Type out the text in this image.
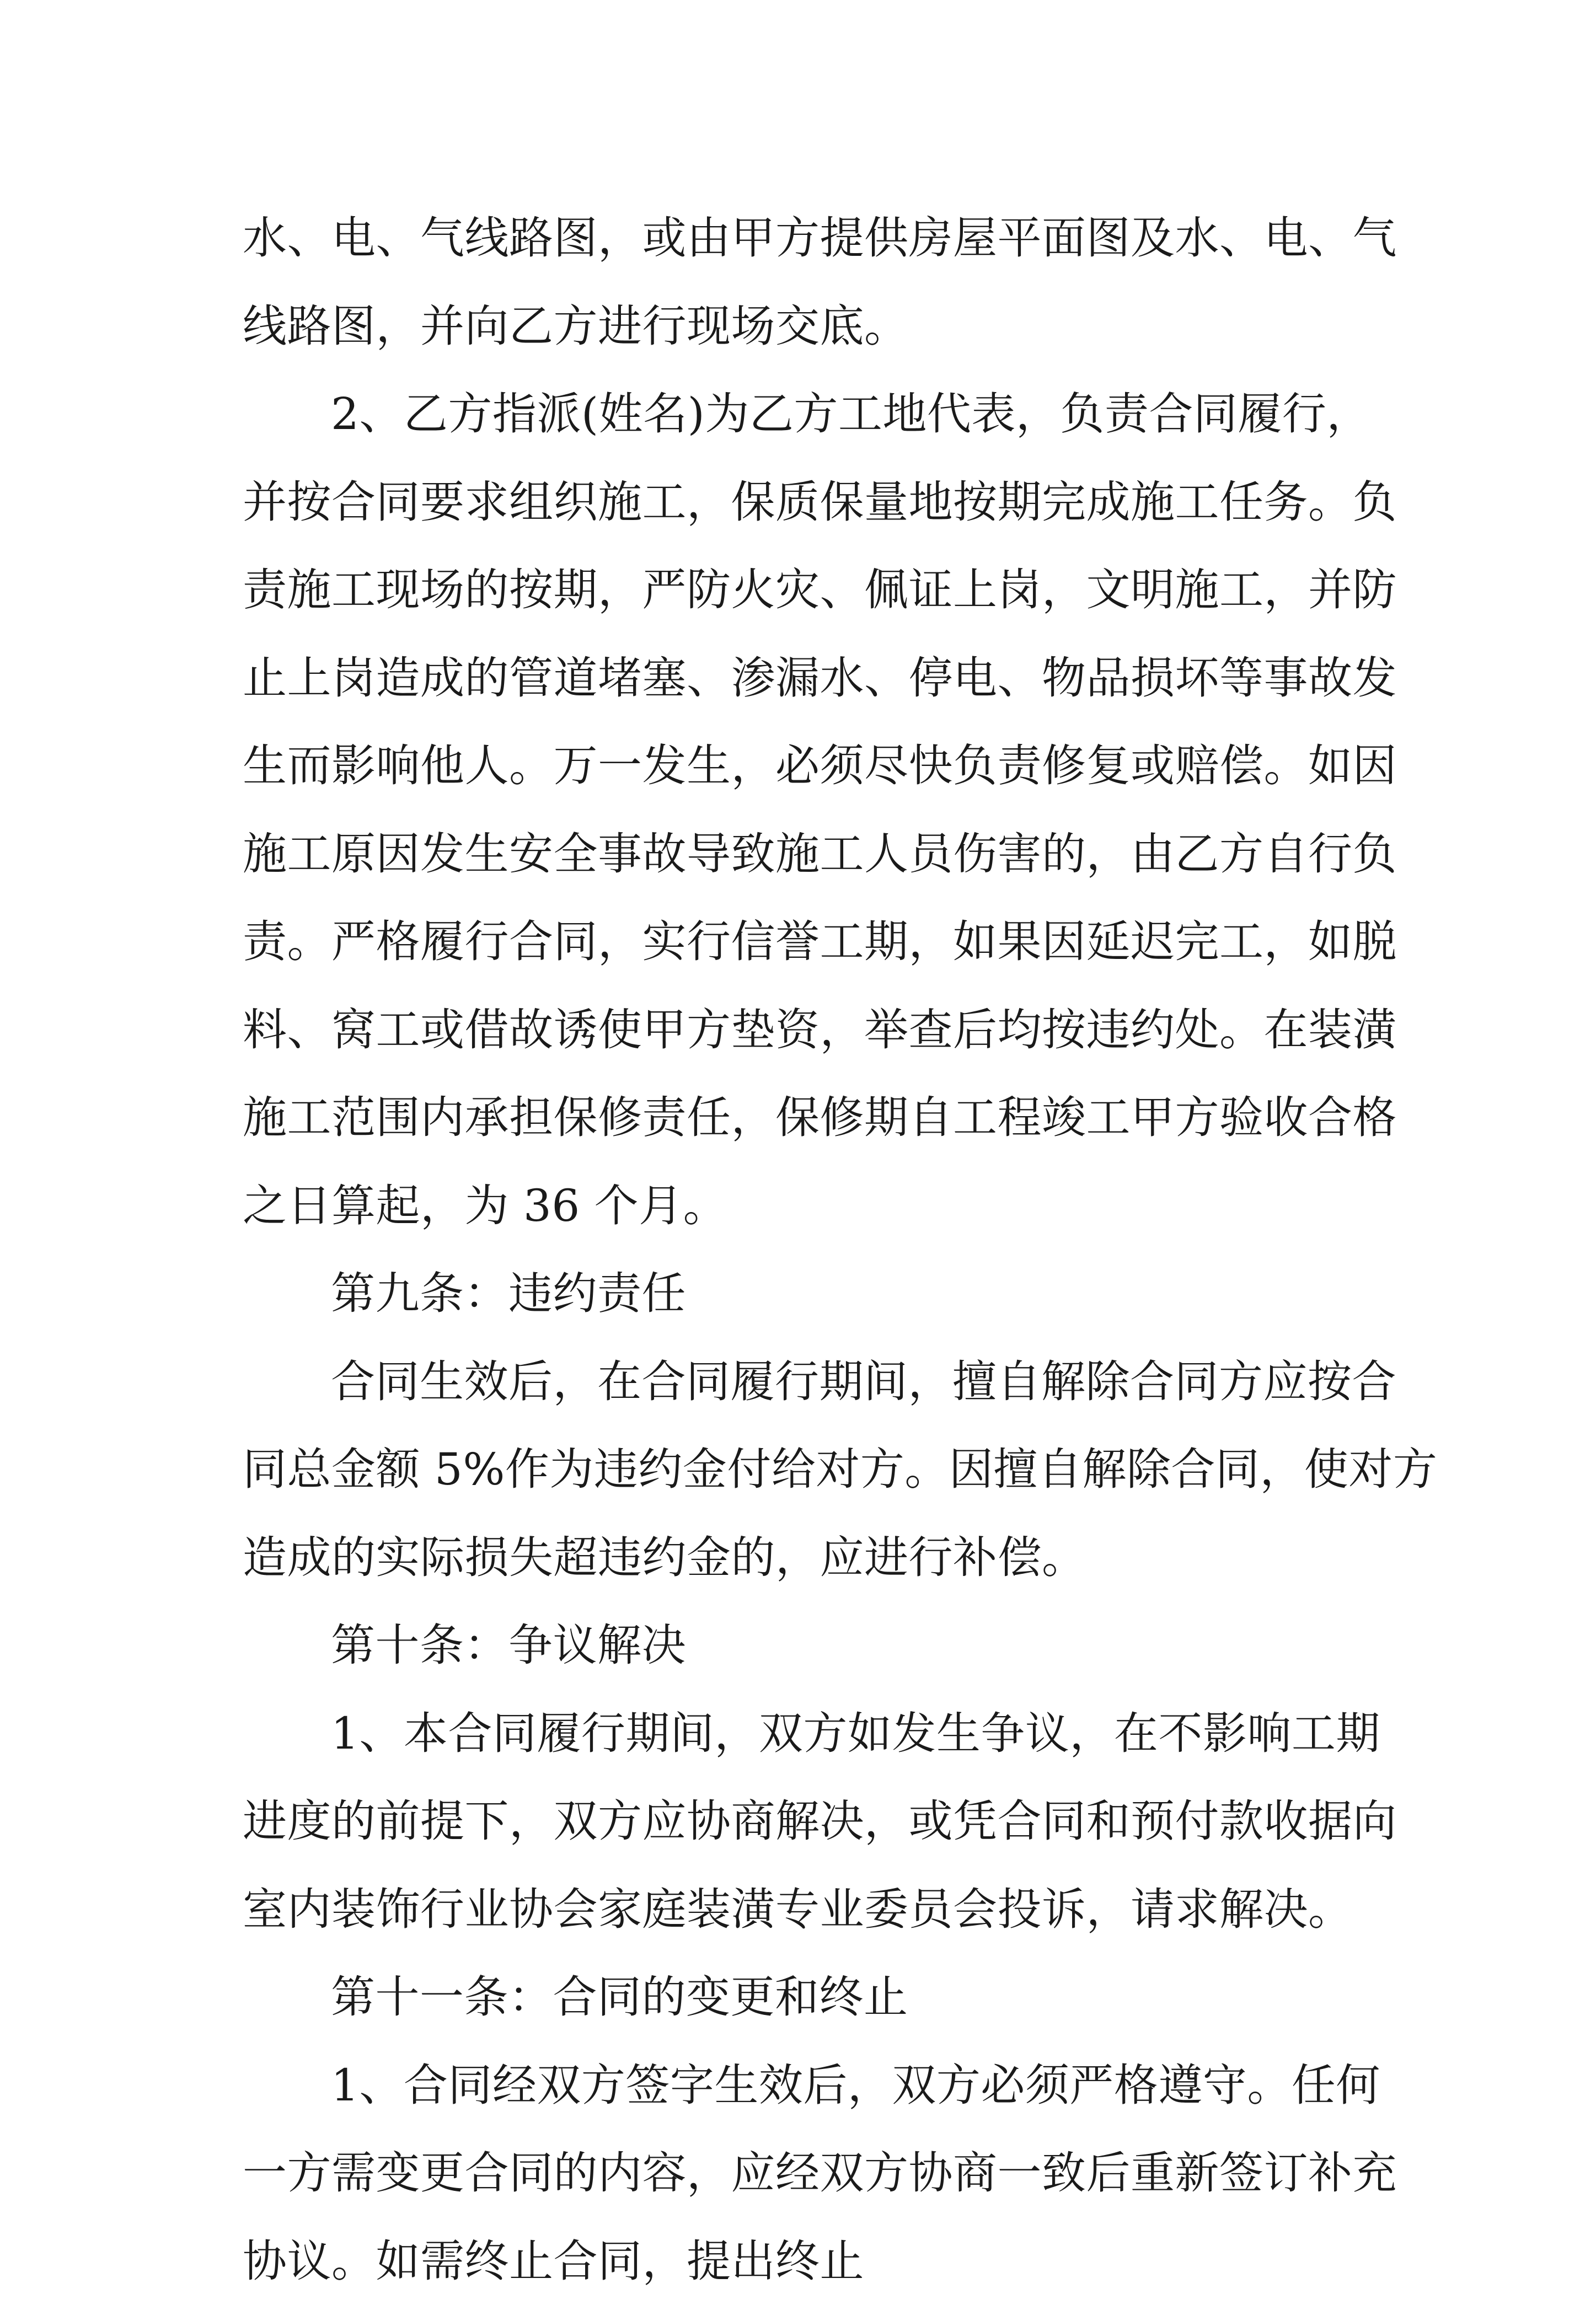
水、电、气线路图，或由甲方提供房屋平面图及水、电、气
线路图，并向乙方进行现场交底。
2、乙方指派(姓名)为乙方工地代表，负责合同履行，
并按合同要求组织施工，保质保量地按期完成施工任务。负
责施工现场的按期，严防火灾、佩证上岗，文明施工，并防
止上岗造成的管道堵塞、渗漏水、停电、物品损坏等事故发
生而影响他人。万一发生，必须尽快负责修复或赔偿。如因
施工原因发生安全事故导致施工人员伤害的，由乙方自行负
责。严格履行合同，实行信誉工期，如果因延迟完工，如脱
料、窝工或借故诱使甲方垫资，举查后均按违约处。在装潢
施工范围内承担保修责任，保修期自工程竣工甲方验收合格
之日算起，为 36 个月。
第九条：违约责任
合同生效后，在合同履行期间，擅自解除合同方应按合
同总金额 5%作为违约金付给对方。因擅自解除合同，使对方
造成的实际损失超违约金的，应进行补偿。
第十条：争议解决
1、本合同履行期间，双方如发生争议，在不影响工期
进度的前提下，双方应协商解决，或凭合同和预付款收据向
室内装饰行业协会家庭装潢专业委员会投诉，请求解决。
第十一条：合同的变更和终止
1、合同经双方签字生效后，双方必须严格遵守。任何
一方需变更合同的内容，应经双方协商一致后重新签订补充
协议。如需终止合同，提出终止
